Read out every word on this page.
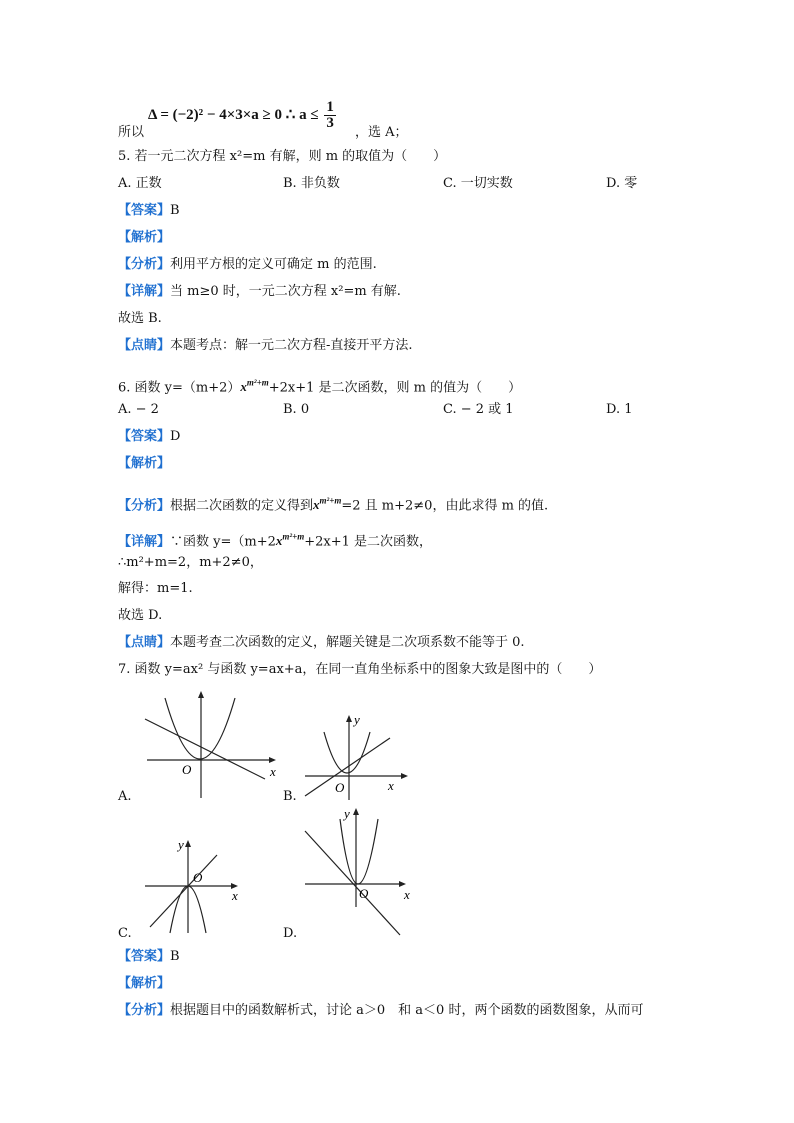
Δ = (−2)² − 4×3×a ≥ 0 ∴ $a \le \frac{1}{3}$
所以	，选 A；
5. 若一元二次方程 x²=m 有解，则 m 的取值为（　　）
A. 正数	B. 非负数	C. 一切实数	D. 零
【答案】B
【解析】
【分析】利用平方根的定义可确定 m 的范围.
【详解】当 m≥0 时，一元二次方程 x²=m 有解.
故选 B.
【点睛】本题考点：解一元二次方程-直接开平方法.
6. 函数 $y=(m+2)x^{m^2+m}+2x+1$ 是二次函数，则 m 的值为（　　）
A. − 2	B. 0	C. − 2 或 1	D. 1
【答案】D
【解析】
【分析】根据二次函数的定义得到$x^{m^2+m}=2$ 且 m+2≠0，由此求得 m 的值.
【详解】∵函数 $y=(m+2x^{m^2+m}+2x+1$ 是二次函数，
∴m²+m=2，m+2≠0，
解得：m=1.
故选 D.
【点睛】本题考查二次函数的定义，解题关键是二次项系数不能等于 0.
7. 函数 y=ax² 与函数 y=ax+a，在同一直角坐标系中的图象大致是图中的（　　）
O	x
A.
y
O	x
B.
y
O
x
C.
y
O	x
D.
【答案】B
【解析】
【分析】根据题目中的函数解析式，讨论 a＞0　和 a＜0 时，两个函数的函数图象，从而可
